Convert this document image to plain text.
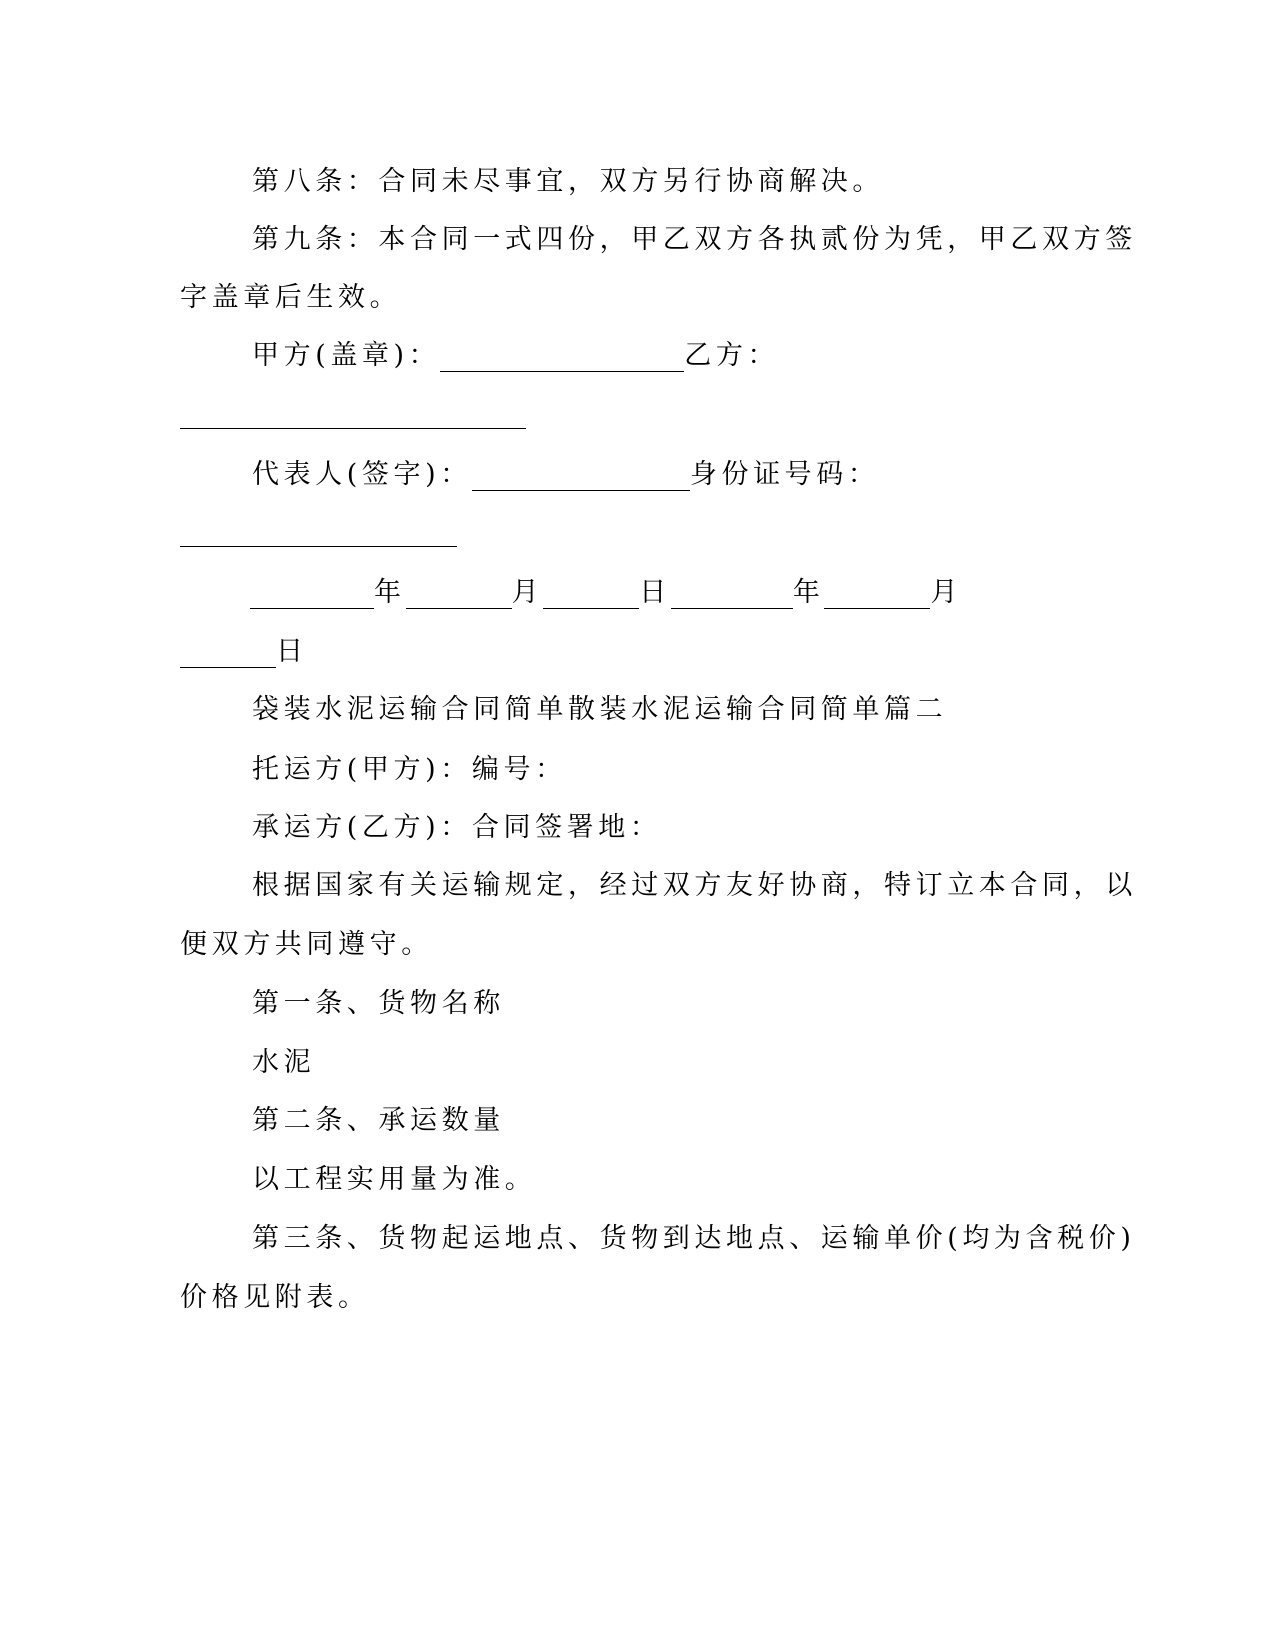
第八条：合同未尽事宜，双方另行协商解决。
第九条：本合同一式四份，甲乙双方各执贰份为凭，甲乙双方签
字盖章后生效。
甲方(盖章)：	乙方：
代表人(签字)：	身份证号码：
年	月	日	年	月
日
袋装水泥运输合同简单散装水泥运输合同简单篇二
托运方(甲方)：编号：
承运方(乙方)：合同签署地：
根据国家有关运输规定，经过双方友好协商，特订立本合同，以
便双方共同遵守。
第一条、货物名称
水泥
第二条、承运数量
以工程实用量为准。
第三条、货物起运地点、货物到达地点、运输单价(均为含税价)
价格见附表。
